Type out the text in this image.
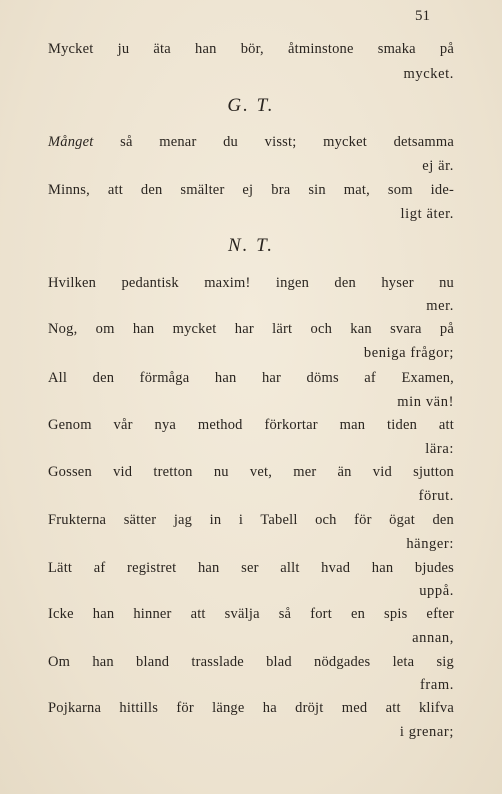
51
Mycket ju äta han bör, åtminstone smaka på
mycket.
G. T.
Månget så menar du visst; mycket detsamma
ej är.
Minns, att den smälter ej bra sin mat, som ide-
ligt äter.
N. T.
Hvilken pedantisk maxim! ingen den hyser nu
mer.
Nog, om han mycket har lärt och kan svara på
beniga frågor;
All den förmåga han har döms af Examen,
min vän!
Genom vår nya method förkortar man tiden att
lära:
Gossen vid tretton nu vet, mer än vid sjutton
förut.
Frukterna sätter jag in i Tabell och för ögat den
hänger:
Lätt af registret han ser allt hvad han bjudes
uppå.
Icke han hinner att svälja så fort en spis efter
annan,
Om han bland trasslade blad nödgades leta sig
fram.
Pojkarna hittills för länge ha dröjt med att klifva
i grenar;
